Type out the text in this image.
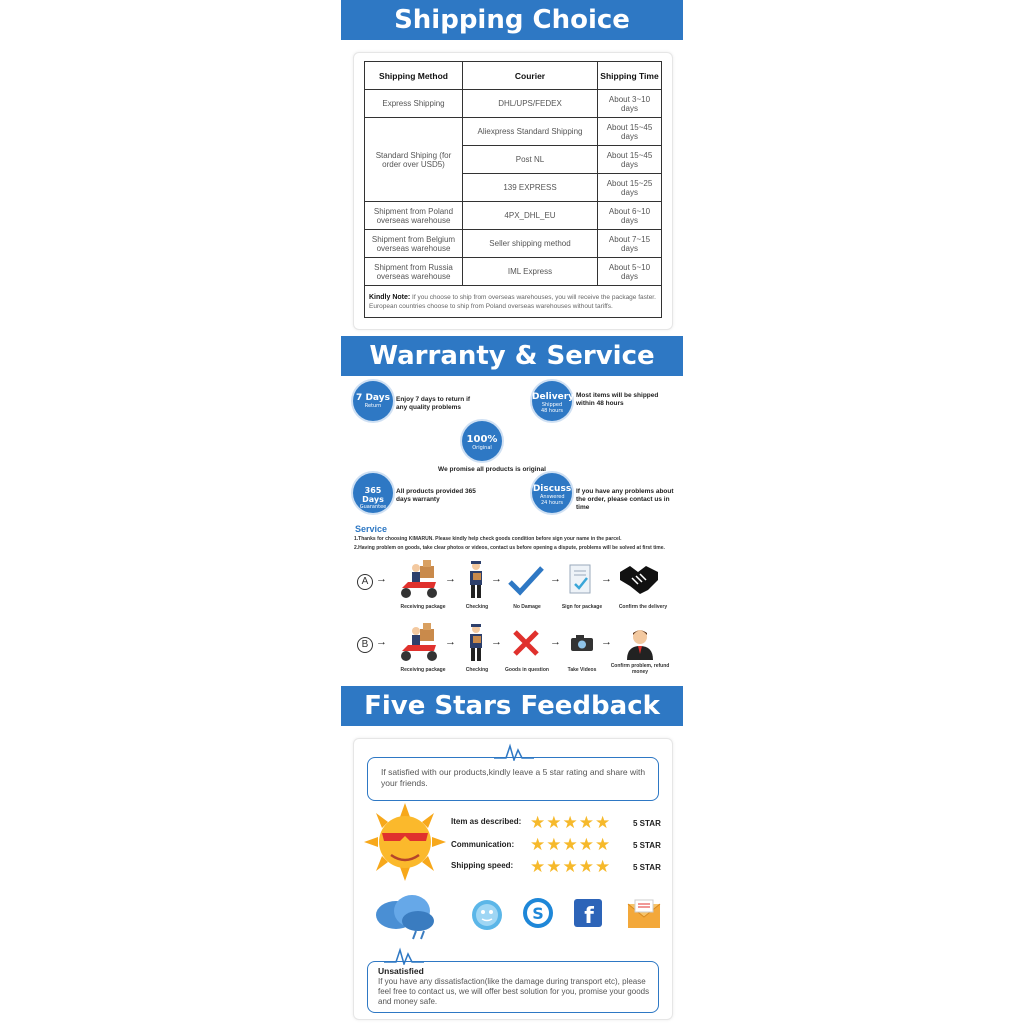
Shipping Choice
Shipping Method	Courier	Shipping Time
Express Shipping	DHL/UPS/FEDEX	About 3~10 days
Standard Shiping (for order over USD5)	Aliexpress Standard Shipping	About 15~45 days
	Post NL	About 15~45 days
	139 EXPRESS	About 15~25 days
Shipment from Poland overseas warehouse	4PX_DHL_EU	About 6~10 days
Shipment from Belgium overseas warehouse	Seller shipping method	About 7~15 days
Shipment from Russia overseas warehouse	IML Express	About 5~10 days
Kindly Note: If you choose to ship from overseas warehouses, you will receive the package faster. European countries choose to ship from Poland overseas warehouses without tariffs.		
Warranty & Service
7 Days
Return
Enjoy 7 days to return if any quality problems
Delivery
Shipped 48 hours
Most items will be shipped within 48 hours
100%
Original
We promise all products is original
365 Days
Guarantee
All products provided 365 days warranty
Discuss
Answered 24 hours
If you have any problems about the order, please contact us in time
Service
1.Thanks for choosing KIMARUN. Please kindly help check goods condition before sign your name in the parcel.
2.Having problem on goods, take clear photos or videos, contact us before opening a dispute, problems will be solved at first time.
A →
Receiving package
→
Checking
→
No Damage
→
Sign for package
→
Confirm the delivery
B →
Receiving package
→
Checking
→
Goods in question
→
Take Videos
→
Confirm problem, refund money
Five Stars Feedback
If satisfied with our products,kindly leave a 5 star rating and share with your friends.
Item as described: ★★★★★	5 STAR
Communication: ★★★★★	5 STAR
Shipping speed: ★★★★★	5 STAR
S f
Unsatisfied
If you have any dissatisfaction(like the damage during transport etc), please feel free to contact us, we will offer best solution for you, promise your goods and money safe.
